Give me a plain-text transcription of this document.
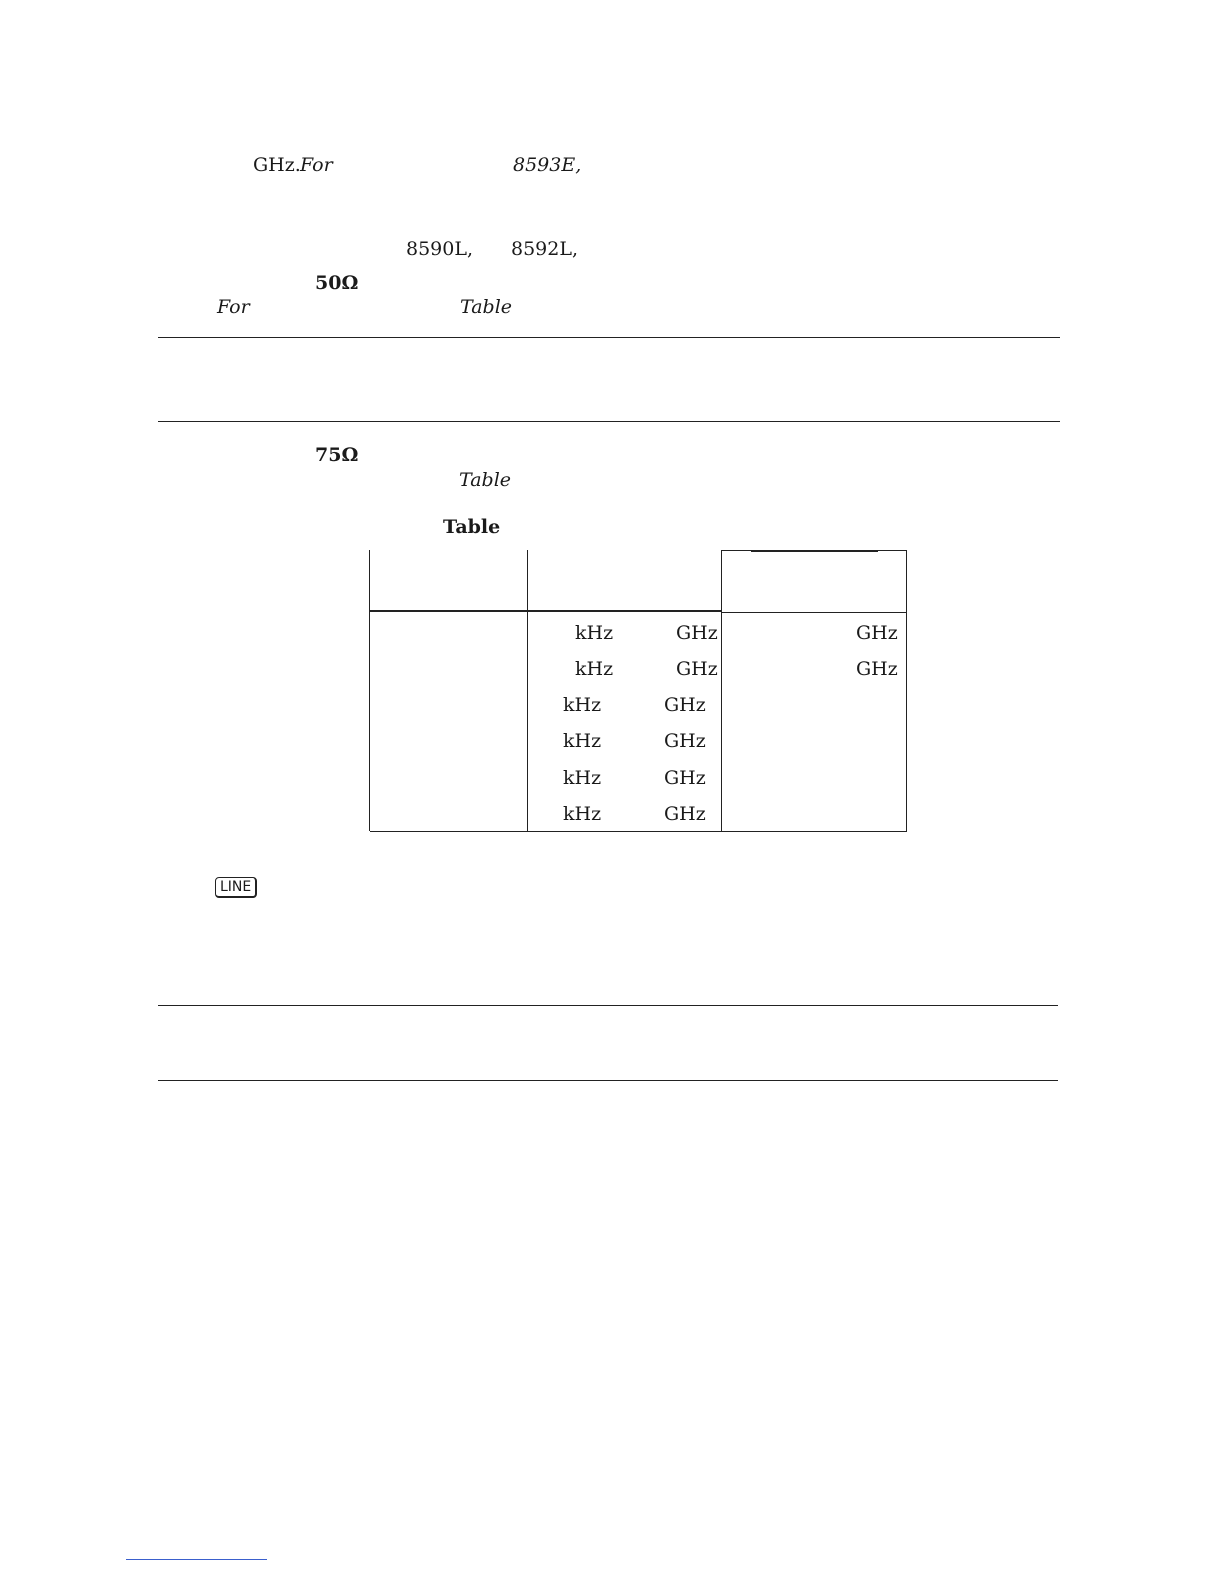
GHz. For	8593E,
8590L, 8592L,
50Ω
For	Table
75Ω
Table
Table
kHz	GHz	GHz
kHz	GHz	GHz
kHz	GHz
kHz	GHz
kHz	GHz
kHz	GHz
LINE
